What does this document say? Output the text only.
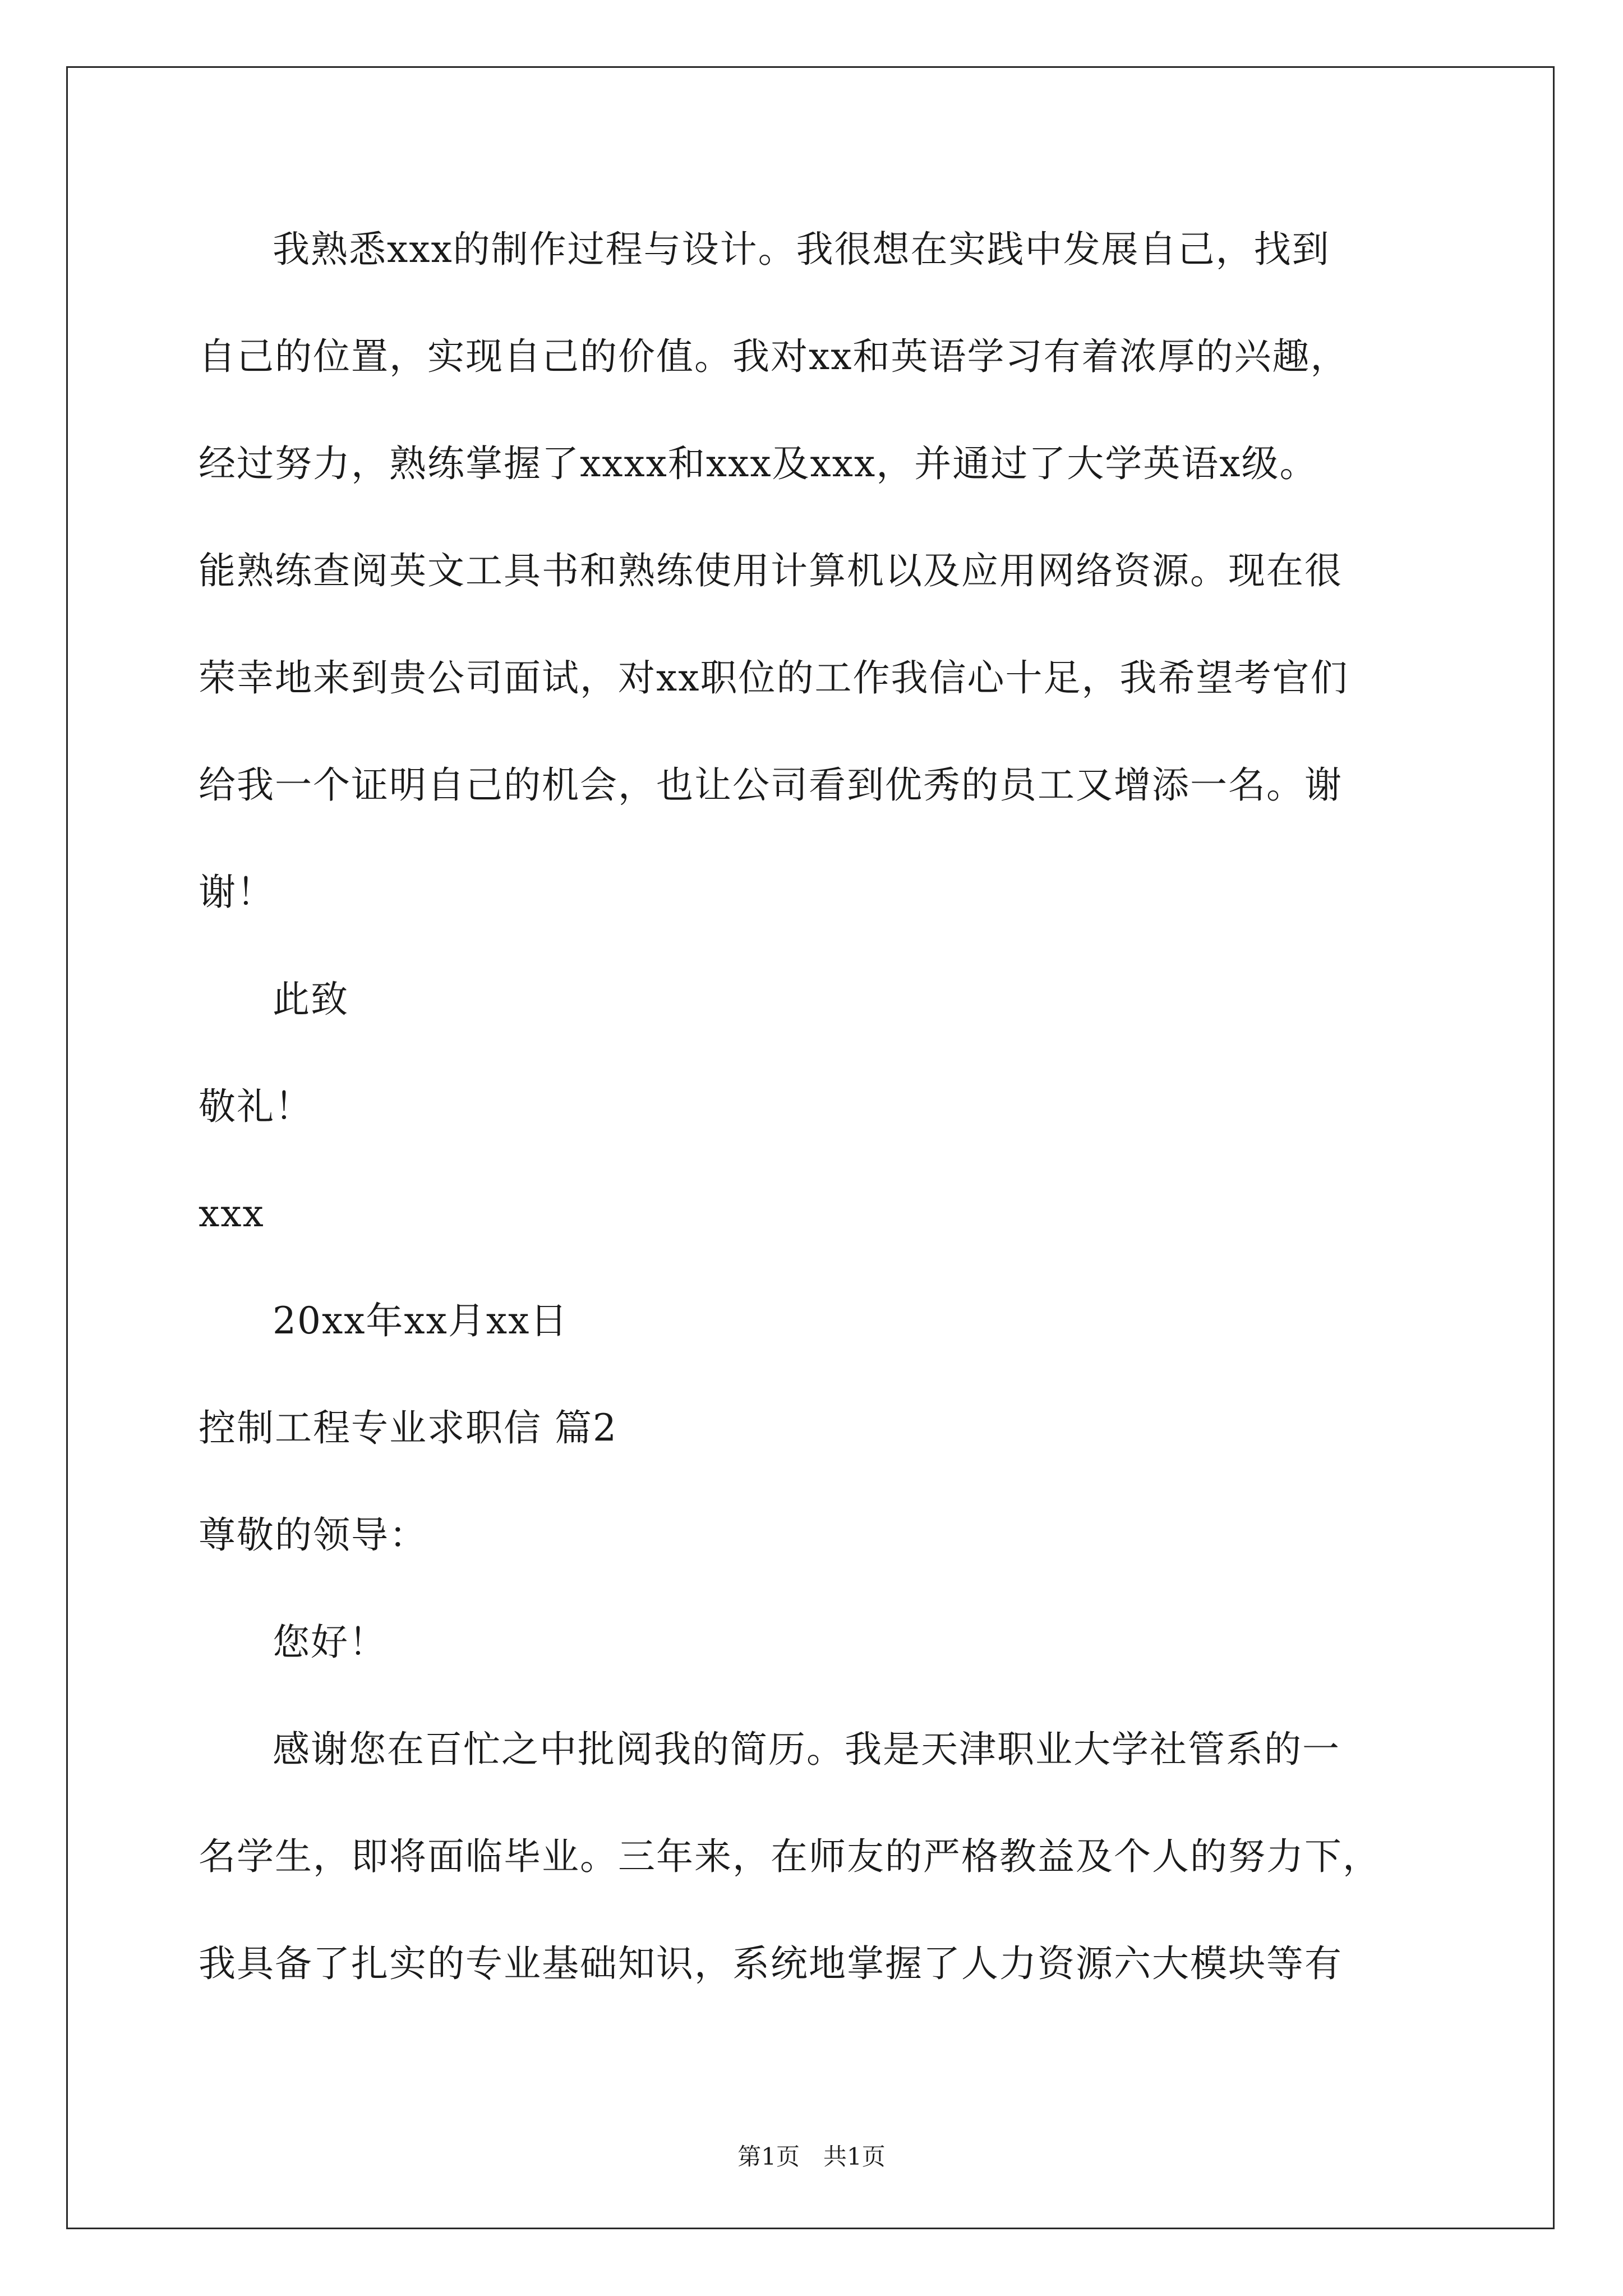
我熟悉xxx的制作过程与设计。我很想在实践中发展自己，找到
自己的位置，实现自己的价值。我对xx和英语学习有着浓厚的兴趣，
经过努力，熟练掌握了xxxx和xxx及xxx，并通过了大学英语x级。
能熟练查阅英文工具书和熟练使用计算机以及应用网络资源。现在很
荣幸地来到贵公司面试，对xx职位的工作我信心十足，我希望考官们
给我一个证明自己的机会，也让公司看到优秀的员工又增添一名。谢
谢！
此致
敬礼！
xxx
20xx年xx月xx日
控制工程专业求职信 篇2
尊敬的领导：
您好！
感谢您在百忙之中批阅我的简历。我是天津职业大学社管系的一
名学生，即将面临毕业。三年来，在师友的严格教益及个人的努力下，
我具备了扎实的专业基础知识，系统地掌握了人力资源六大模块等有
第1页　共1页
